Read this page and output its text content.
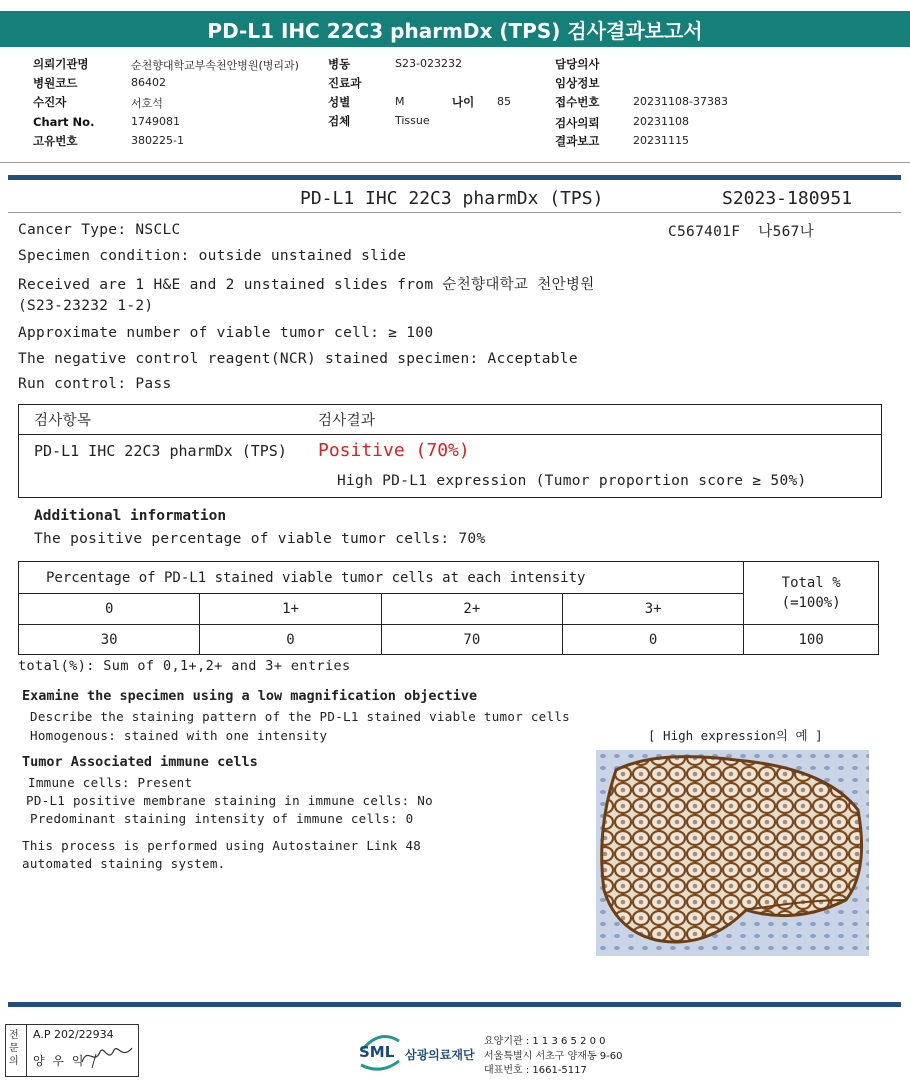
PD-L1 IHC 22C3 pharmDx (TPS) 검사결과보고서
의뢰기관명	순천향대학교부속천안병원(병리과)
병원코드	86402
수진자	서호석
Chart No.	1749081
고유번호	380225-1
병동	S23-023232
진료과
성별	M	나이 85
검체	Tissue
담당의사
임상정보
접수번호	20231108-37383
검사의뢰	20231108
결과보고	20231115
PD-L1 IHC 22C3 pharmDx (TPS)	S2023-180951
Cancer Type: NSCLC	C567401F  나567나
Specimen condition: outside unstained slide
Received are 1 H&E and 2 unstained slides from 순천향대학교 천안병원
(S23-23232 1-2)
Approximate number of viable tumor cell: ≥ 100
The negative control reagent(NCR) stained specimen: Acceptable
Run control: Pass
검사항목	검사결과
PD-L1 IHC 22C3 pharmDx (TPS) Positive (70%)
High PD-L1 expression (Tumor proportion score ≥ 50%)
Additional information
The positive percentage of viable tumor cells: 70%
Percentage of PD-L1 stained viable tumor cells at each intensity				Total %
(=100%)

0	1+	2+	3+	
30	0	70	0	100
total(%): Sum of 0,1+,2+ and 3+ entries
Examine the specimen using a low magnification objective
Describe the staining pattern of the PD-L1 stained viable tumor cells
Homogenous: stained with one intensity
Tumor Associated immune cells
Immune cells: Present
PD-L1 positive membrane staining in immune cells: No
Predominant staining intensity of immune cells: 0
This process is performed using Autostainer Link 48
automated staining system.
[ High expression의 예 ]
전문의
A.P 202/22934
양 우 익	SML 삼광의료재단
요양기관 : 1 1 3 6 5 2 0 0
서울특별시 서초구 양재동 9-60
대표번호 : 1661-5117
